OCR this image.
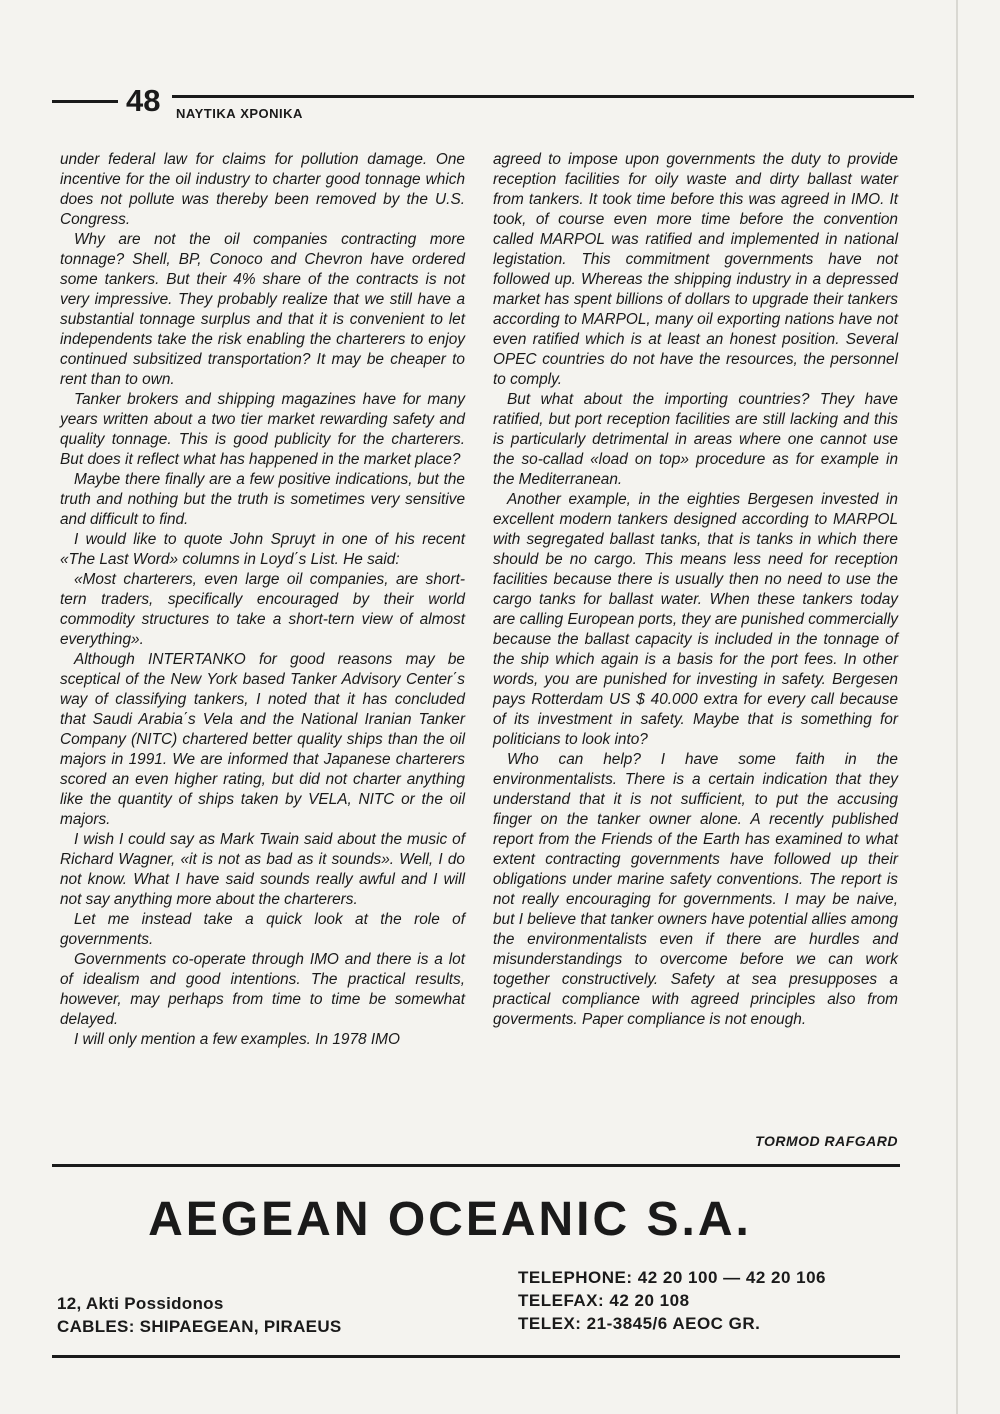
48 ΝΑΥΤΙΚΑ ΧΡΟΝΙΚΑ

under federal law for claims for pollution damage. One incentive for the oil industry to charter good tonnage which does not pollute was thereby been removed by the U.S. Congress.

Why are not the oil companies contracting more tonnage? Shell, BP, Conoco and Chevron have ordered some tankers. But their 4% share of the contracts is not very impressive. They probably realize that we still have a substantial tonnage surplus and that it is convenient to let independents take the risk enabling the charterers to enjoy continued subsitized transportation? It may be cheaper to rent than to own.

Tanker brokers and shipping magazines have for many years written about a two tier market rewarding safety and quality tonnage. This is good publicity for the charterers. But does it reflect what has happened in the market place?

Maybe there finally are a few positive indications, but the truth and nothing but the truth is sometimes very sensitive and difficult to find.

I would like to quote John Spruyt in one of his recent «The Last Word» columns in Loyd΄s List. He said:

«Most charterers, even large oil companies, are short-tern traders, specifically encouraged by their world commodity structures to take a short-tern view of almost everything».

Although INTERTANKO for good reasons may be sceptical of the New York based Tanker Advisory Center΄s way of classifying tankers, I noted that it has concluded that Saudi Arabia΄s Vela and the National Iranian Tanker Company (NITC) chartered better quality ships than the oil majors in 1991. We are informed that Japanese charterers scored an even higher rating, but did not charter anything like the quantity of ships taken by VELA, NITC or the oil majors.

I wish I could say as Mark Twain said about the music of Richard Wagner, «it is not as bad as it sounds». Well, I do not know. What I have said sounds really awful and I will not say anything more about the charterers.

Let me instead take a quick look at the role of governments.

Governments co-operate through IMO and there is a lot of idealism and good intentions. The practical results, however, may perhaps from time to time be somewhat delayed.

I will only mention a few examples. In 1978 IMO

agreed to impose upon governments the duty to provide reception facilities for oily waste and dirty ballast water from tankers. It took time before this was agreed in IMO. It took, of course even more time before the convention called MARPOL was ratified and implemented in national legistation. This commitment governments have not followed up. Whereas the shipping industry in a depressed market has spent billions of dollars to upgrade their tankers according to MARPOL, many oil exporting nations have not even ratified which is at least an honest position. Several OPEC countries do not have the resources, the personnel to comply.

But what about the importing countries? They have ratified, but port reception facilities are still lacking and this is particularly detrimental in areas where one cannot use the so-callad «load on top» procedure as for example in the Mediterranean.

Another example, in the eighties Bergesen invested in excellent modern tankers designed according to MARPOL with segregated ballast tanks, that is tanks in which there should be no cargo. This means less need for reception facilities because there is usually then no need to use the cargo tanks for ballast water. When these tankers today are calling European ports, they are punished commercially because the ballast capacity is included in the tonnage of the ship which again is a basis for the port fees. In other words, you are punished for investing in safety. Bergesen pays Rotterdam US $ 40.000 extra for every call because of its investment in safety. Maybe that is something for politicians to look into?

Who can help? I have some faith in the environmentalists. There is a certain indication that they understand that it is not sufficient, to put the accusing finger on the tanker owner alone. A recently published report from the Friends of the Earth has examined to what extent contracting governments have followed up their obligations under marine safety conventions. The report is not really encouraging for governments. I may be naive, but I believe that tanker owners have potential allies among the environmentalists even if there are hurdles and misunderstandings to overcome before we can work together constructively. Safety at sea presupposes a practical compliance with agreed principles also from goverments. Paper compliance is not enough.

TORMOD RAFGARD
AEGEAN OCEANIC S.A.
TELEPHONE: 42 20 100 — 42 20 106
TELEFAX: 42 20 108
TELEX: 21-3845/6 AEOC GR.
12, Akti Possidonos
CABLES: SHIPAEGEAN, PIRAEUS
